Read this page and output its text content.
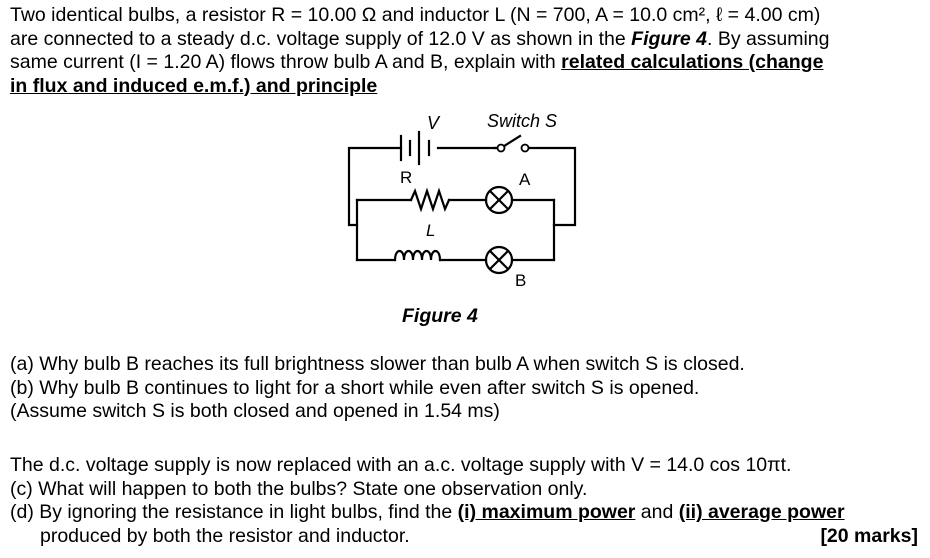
Two identical bulbs, a resistor R = 10.00 Ω and inductor L (N = 700, A = 10.0 cm², ℓ = 4.00 cm)
are connected to a steady d.c. voltage supply of 12.0 V as shown in the Figure 4. By assuming
same current (I = 1.20 A) flows throw bulb A and B, explain with related calculations (change
in flux and induced e.m.f.) and principle
V	Switch S
R	A
L
B
Figure 4
(a) Why bulb B reaches its full brightness slower than bulb A when switch S is closed.
(b) Why bulb B continues to light for a short while even after switch S is opened.
(Assume switch S is both closed and opened in 1.54 ms)
The d.c. voltage supply is now replaced with an a.c. voltage supply with V = 14.0 cos 10πt.
(c) What will happen to both the bulbs? State one observation only.
(d) By ignoring the resistance in light bulbs, find the (i) maximum power and (ii) average power
produced by both the resistor and inductor.	[20 marks]
